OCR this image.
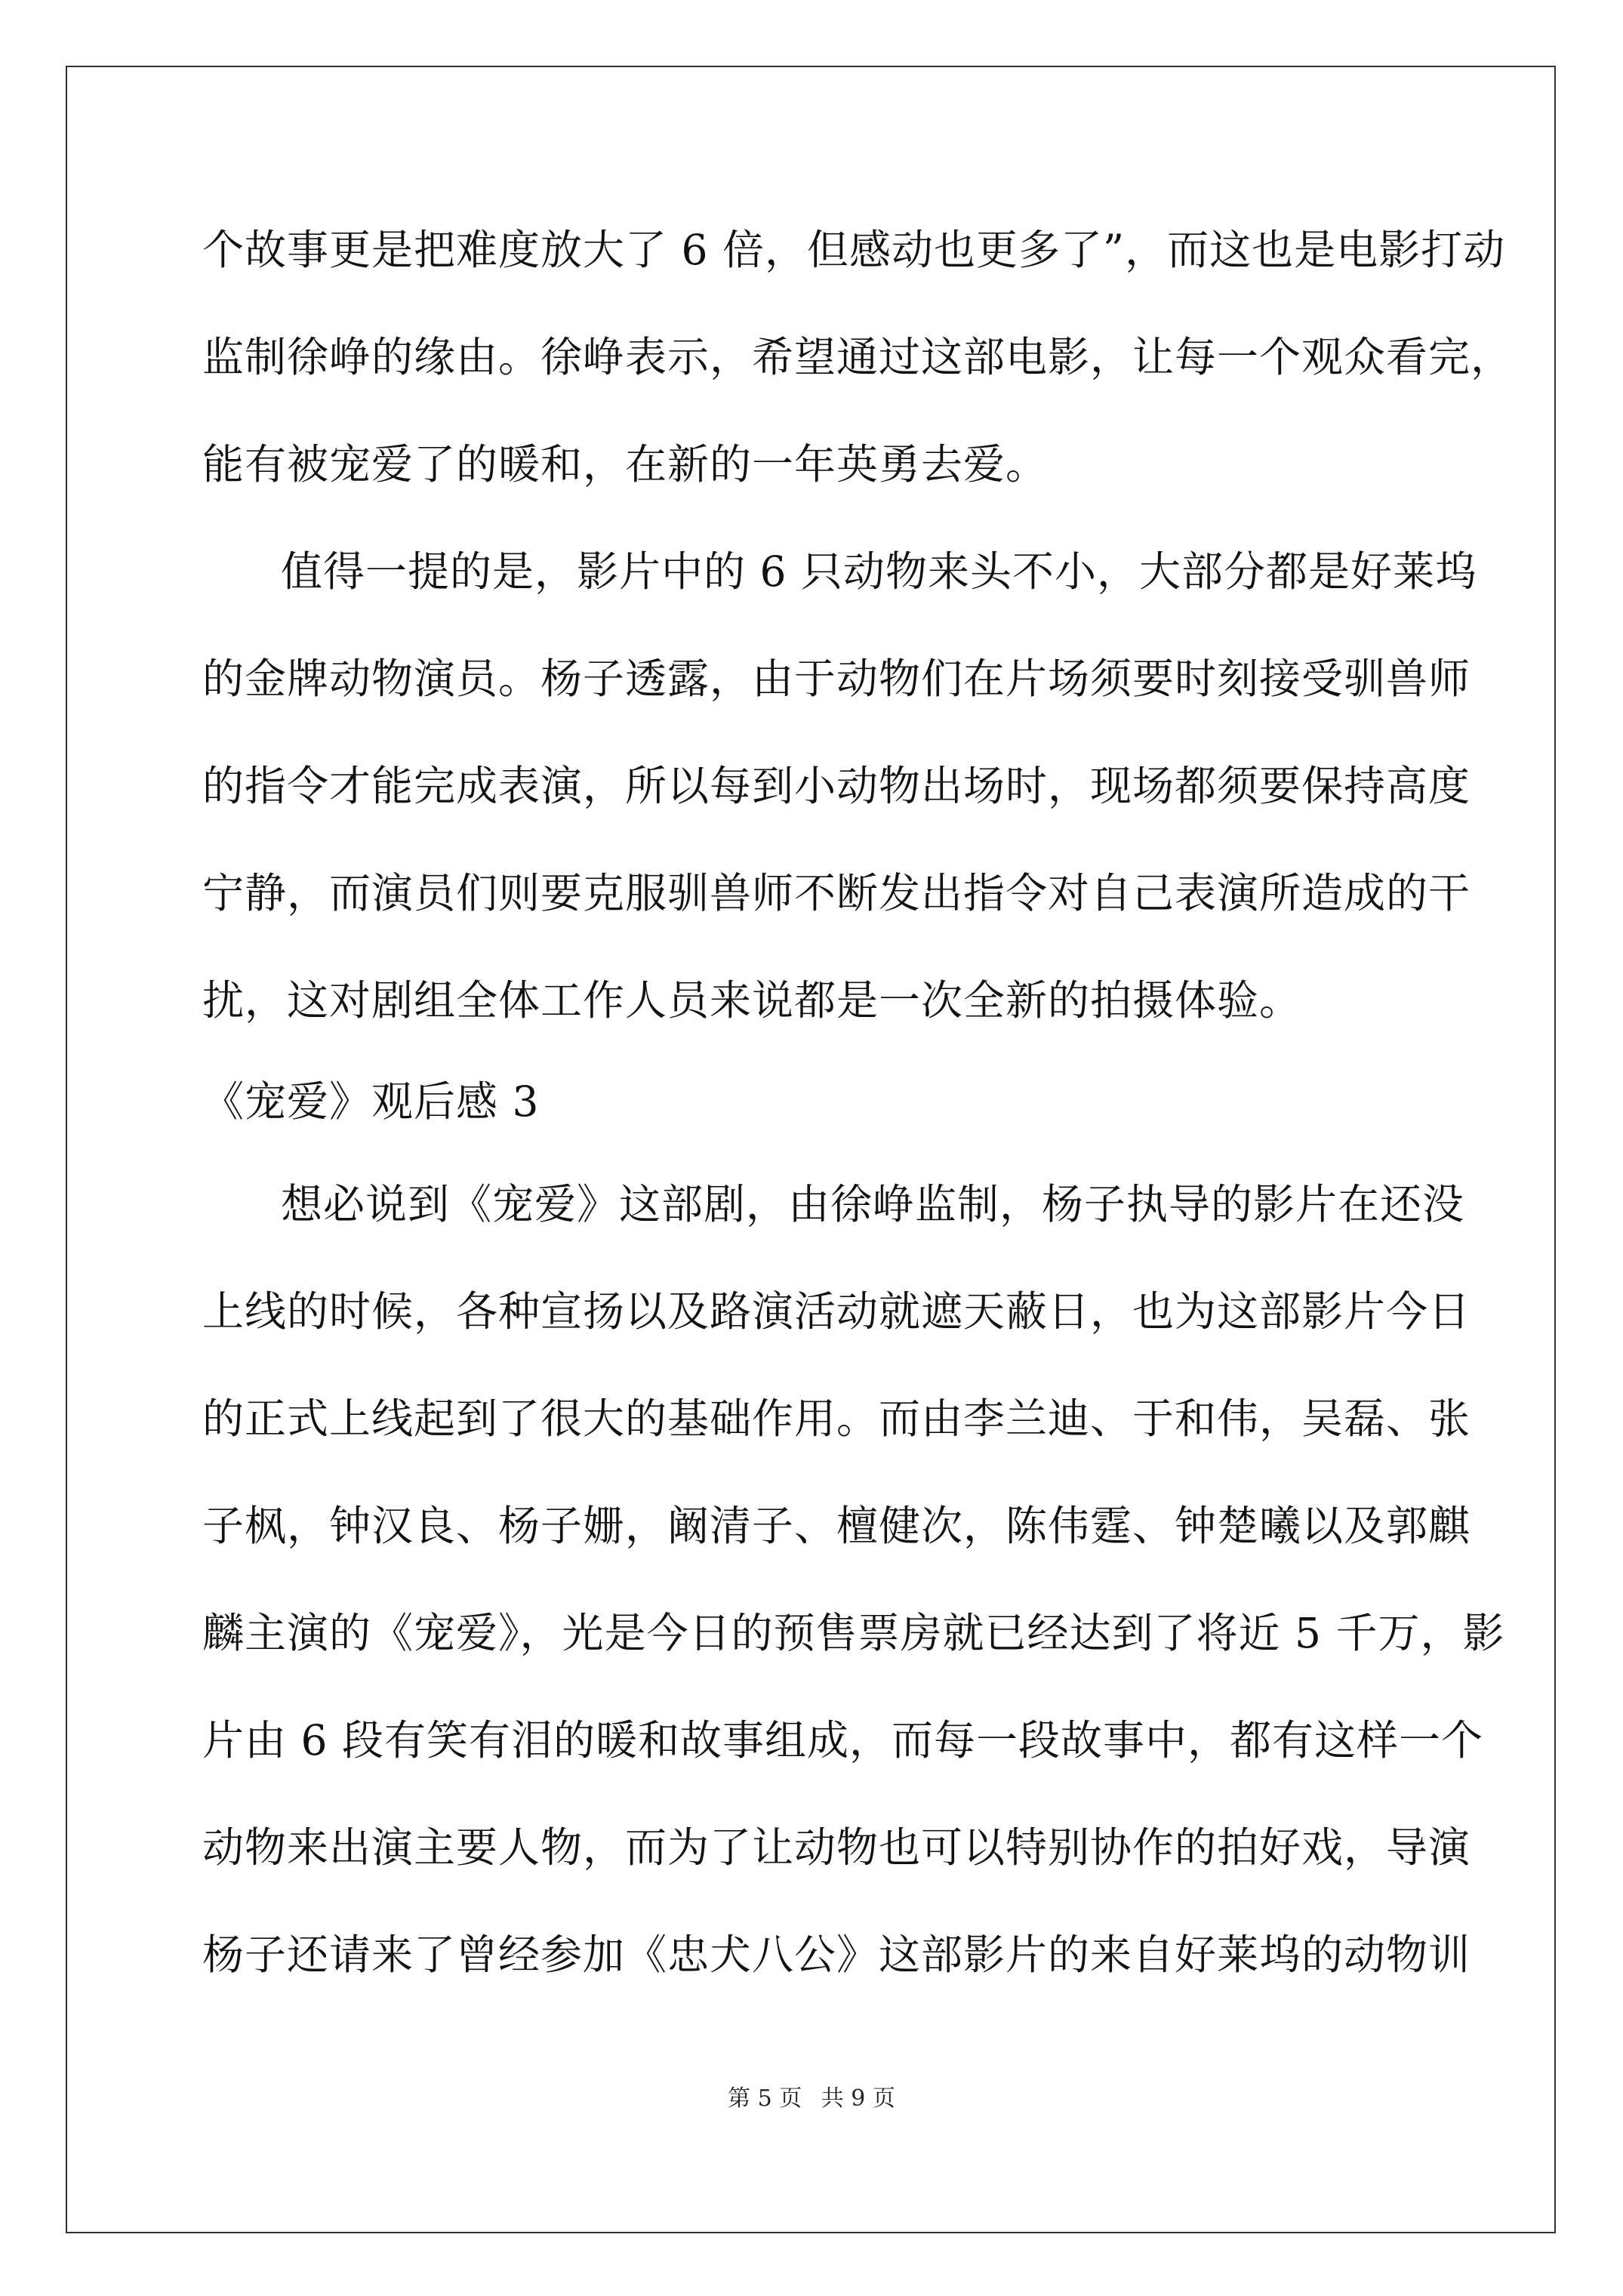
个故事更是把难度放大了 6 倍，但感动也更多了”，而这也是电影打动
监制徐峥的缘由。徐峥表示，希望通过这部电影，让每一个观众看完，
能有被宠爱了的暖和，在新的一年英勇去爱。
值得一提的是，影片中的 6 只动物来头不小，大部分都是好莱坞
的金牌动物演员。杨子透露，由于动物们在片场须要时刻接受驯兽师
的指令才能完成表演，所以每到小动物出场时，现场都须要保持高度
宁静，而演员们则要克服驯兽师不断发出指令对自己表演所造成的干
扰，这对剧组全体工作人员来说都是一次全新的拍摄体验。
《宠爱》观后感 3
想必说到《宠爱》这部剧，由徐峥监制，杨子执导的影片在还没
上线的时候，各种宣扬以及路演活动就遮天蔽日，也为这部影片今日
的正式上线起到了很大的基础作用。而由李兰迪、于和伟，吴磊、张
子枫，钟汉良、杨子姗，阚清子、檀健次，陈伟霆、钟楚曦以及郭麒
麟主演的《宠爱》，光是今日的预售票房就已经达到了将近 5 千万，影
片由 6 段有笑有泪的暖和故事组成，而每一段故事中，都有这样一个
动物来出演主要人物，而为了让动物也可以特别协作的拍好戏，导演
杨子还请来了曾经参加《忠犬八公》这部影片的来自好莱坞的动物训
第 5 页 共 9 页
